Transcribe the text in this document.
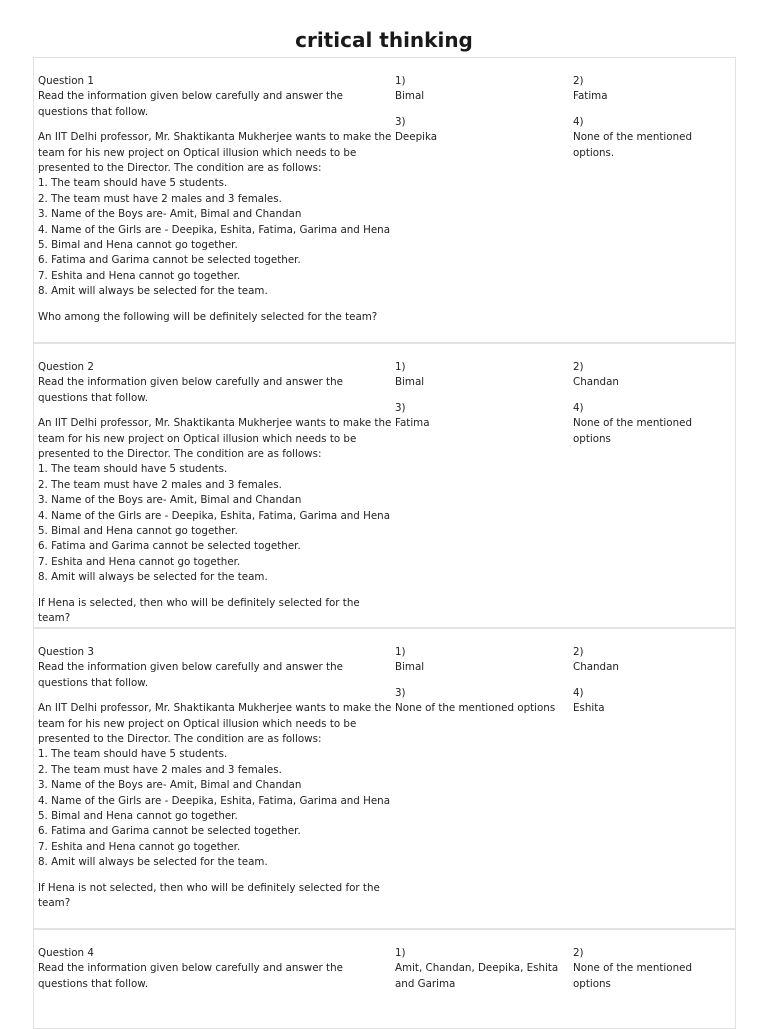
critical thinking
Question 1
Read the information given below carefully and answer the questions that follow.
An IIT Delhi professor, Mr. Shaktikanta Mukherjee wants to make the team for his new project on Optical illusion which needs to be presented to the Director. The condition are as follows:
1. The team should have 5 students.
2. The team must have 2 males and 3 females.
3. Name of the Boys are- Amit, Bimal and Chandan
4. Name of the Girls are - Deepika, Eshita, Fatima, Garima and Hena
5. Bimal and Hena cannot go together.
6. Fatima and Garima cannot be selected together.
7. Eshita and Hena cannot go together.
8. Amit will always be selected for the team.
Who among the following will be definitely selected for the team?
1)
Bimal
2)
Fatima
3)
Deepika
4)
None of the mentioned options.
Question 2
Read the information given below carefully and answer the questions that follow.
An IIT Delhi professor, Mr. Shaktikanta Mukherjee wants to make the team for his new project on Optical illusion which needs to be presented to the Director. The condition are as follows:
1. The team should have 5 students.
2. The team must have 2 males and 3 females.
3. Name of the Boys are- Amit, Bimal and Chandan
4. Name of the Girls are - Deepika, Eshita, Fatima, Garima and Hena
5. Bimal and Hena cannot go together.
6. Fatima and Garima cannot be selected together.
7. Eshita and Hena cannot go together.
8. Amit will always be selected for the team.
If Hena is selected, then who will be definitely selected for the team?
1)
Bimal
2)
Chandan
3)
Fatima
4)
None of the mentioned options
Question 3
Read the information given below carefully and answer the questions that follow.
An IIT Delhi professor, Mr. Shaktikanta Mukherjee wants to make the team for his new project on Optical illusion which needs to be presented to the Director. The condition are as follows:
1. The team should have 5 students.
2. The team must have 2 males and 3 females.
3. Name of the Boys are- Amit, Bimal and Chandan
4. Name of the Girls are - Deepika, Eshita, Fatima, Garima and Hena
5. Bimal and Hena cannot go together.
6. Fatima and Garima cannot be selected together.
7. Eshita and Hena cannot go together.
8. Amit will always be selected for the team.
If Hena is not selected, then who will be definitely selected for the team?
1)
Bimal
2)
Chandan
3)
None of the mentioned options
4)
Eshita
Question 4
Read the information given below carefully and answer the questions that follow.
1)
Amit, Chandan, Deepika, Eshita and Garima
2)
None of the mentioned options
